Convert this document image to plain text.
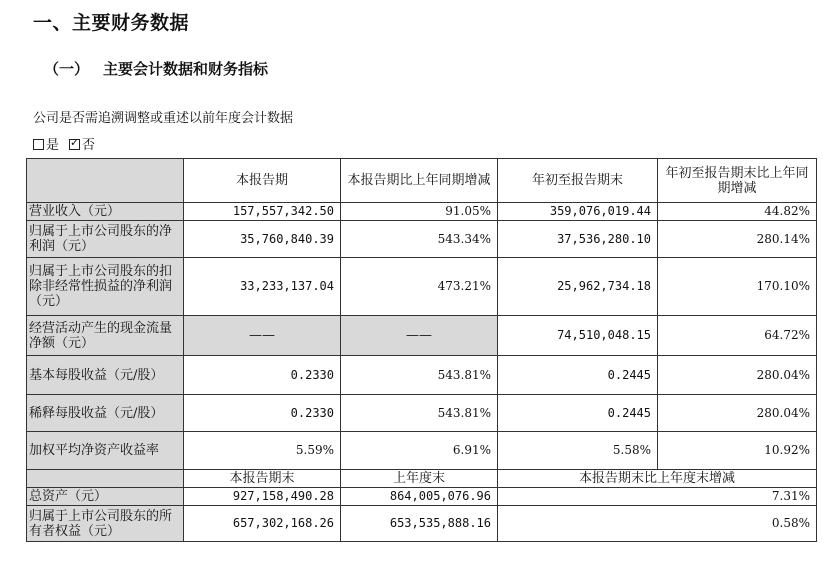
一、主要财务数据
（一） 主要会计数据和财务指标
公司是否需追溯调整或重述以前年度会计数据
是 ✓ 否
	本报告期	本报告期比上年同期增减	年初至报告期末	年初至报告期末比上年同期增减
营业收入（元）	157,557,342.50	91.05%	359,076,019.44	44.82%
归属于上市公司股东的净利润（元）	35,760,840.39	543.34%	37,536,280.10	280.14%
归属于上市公司股东的扣除非经常性损益的净利润（元）	33,233,137.04	473.21%	25,962,734.18	170.10%
经营活动产生的现金流量净额（元）	——	——	74,510,048.15	64.72%
基本每股收益（元/股）	0.2330	543.81%	0.2445	280.04%
稀释每股收益（元/股）	0.2330	543.81%	0.2445	280.04%
加权平均净资产收益率	5.59%	6.91%	5.58%	10.92%
	本报告期末	上年度末	本报告期末比上年度末增减	
总资产（元）	927,158,490.28	864,005,076.96	7.31%	
归属于上市公司股东的所有者权益（元）	657,302,168.26	653,535,888.16	0.58%	
